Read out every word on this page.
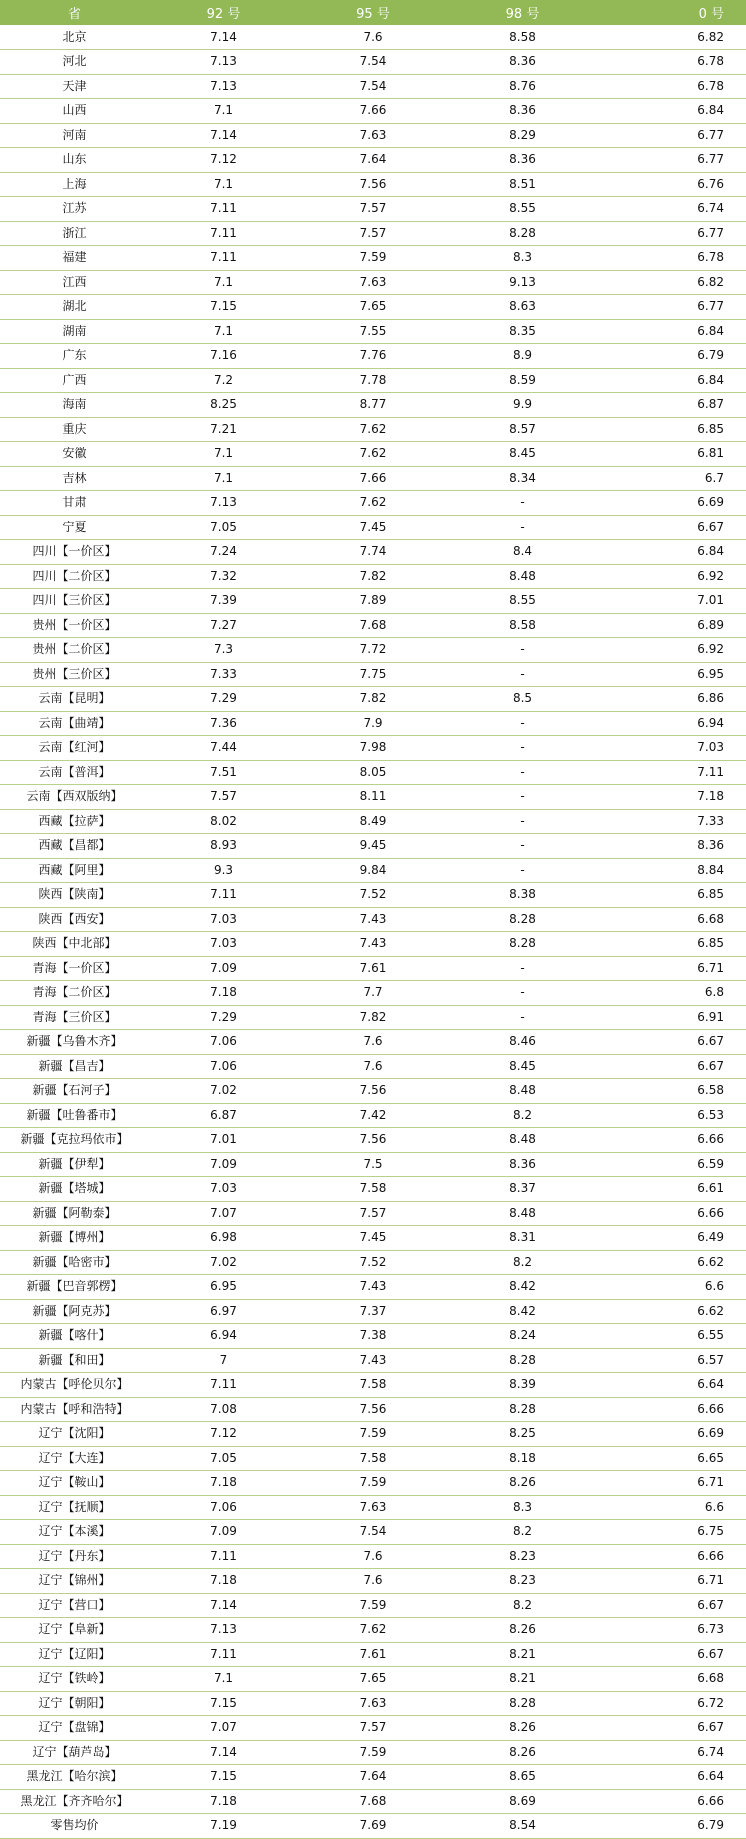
省	92 号	95 号	98 号	0 号
北京	7.14	7.6	8.58	6.82
河北	7.13	7.54	8.36	6.78
天津	7.13	7.54	8.76	6.78
山西	7.1	7.66	8.36	6.84
河南	7.14	7.63	8.29	6.77
山东	7.12	7.64	8.36	6.77
上海	7.1	7.56	8.51	6.76
江苏	7.11	7.57	8.55	6.74
浙江	7.11	7.57	8.28	6.77
福建	7.11	7.59	8.3	6.78
江西	7.1	7.63	9.13	6.82
湖北	7.15	7.65	8.63	6.77
湖南	7.1	7.55	8.35	6.84
广东	7.16	7.76	8.9	6.79
广西	7.2	7.78	8.59	6.84
海南	8.25	8.77	9.9	6.87
重庆	7.21	7.62	8.57	6.85
安徽	7.1	7.62	8.45	6.81
吉林	7.1	7.66	8.34	6.7
甘肃	7.13	7.62	-	6.69
宁夏	7.05	7.45	-	6.67
四川【一价区】	7.24	7.74	8.4	6.84
四川【二价区】	7.32	7.82	8.48	6.92
四川【三价区】	7.39	7.89	8.55	7.01
贵州【一价区】	7.27	7.68	8.58	6.89
贵州【二价区】	7.3	7.72	-	6.92
贵州【三价区】	7.33	7.75	-	6.95
云南【昆明】	7.29	7.82	8.5	6.86
云南【曲靖】	7.36	7.9	-	6.94
云南【红河】	7.44	7.98	-	7.03
云南【普洱】	7.51	8.05	-	7.11
云南【西双版纳】	7.57	8.11	-	7.18
西藏【拉萨】	8.02	8.49	-	7.33
西藏【昌都】	8.93	9.45	-	8.36
西藏【阿里】	9.3	9.84	-	8.84
陕西【陕南】	7.11	7.52	8.38	6.85
陕西【西安】	7.03	7.43	8.28	6.68
陕西【中北部】	7.03	7.43	8.28	6.85
青海【一价区】	7.09	7.61	-	6.71
青海【二价区】	7.18	7.7	-	6.8
青海【三价区】	7.29	7.82	-	6.91
新疆【乌鲁木齐】	7.06	7.6	8.46	6.67
新疆【昌吉】	7.06	7.6	8.45	6.67
新疆【石河子】	7.02	7.56	8.48	6.58
新疆【吐鲁番市】	6.87	7.42	8.2	6.53
新疆【克拉玛依市】	7.01	7.56	8.48	6.66
新疆【伊犁】	7.09	7.5	8.36	6.59
新疆【塔城】	7.03	7.58	8.37	6.61
新疆【阿勒泰】	7.07	7.57	8.48	6.66
新疆【博州】	6.98	7.45	8.31	6.49
新疆【哈密市】	7.02	7.52	8.2	6.62
新疆【巴音郭楞】	6.95	7.43	8.42	6.6
新疆【阿克苏】	6.97	7.37	8.42	6.62
新疆【喀什】	6.94	7.38	8.24	6.55
新疆【和田】	7	7.43	8.28	6.57
内蒙古【呼伦贝尔】	7.11	7.58	8.39	6.64
内蒙古【呼和浩特】	7.08	7.56	8.28	6.66
辽宁【沈阳】	7.12	7.59	8.25	6.69
辽宁【大连】	7.05	7.58	8.18	6.65
辽宁【鞍山】	7.18	7.59	8.26	6.71
辽宁【抚顺】	7.06	7.63	8.3	6.6
辽宁【本溪】	7.09	7.54	8.2	6.75
辽宁【丹东】	7.11	7.6	8.23	6.66
辽宁【锦州】	7.18	7.6	8.23	6.71
辽宁【营口】	7.14	7.59	8.2	6.67
辽宁【阜新】	7.13	7.62	8.26	6.73
辽宁【辽阳】	7.11	7.61	8.21	6.67
辽宁【铁岭】	7.1	7.65	8.21	6.68
辽宁【朝阳】	7.15	7.63	8.28	6.72
辽宁【盘锦】	7.07	7.57	8.26	6.67
辽宁【葫芦岛】	7.14	7.59	8.26	6.74
黑龙江【哈尔滨】	7.15	7.64	8.65	6.64
黑龙江【齐齐哈尔】	7.18	7.68	8.69	6.66
零售均价	7.19	7.69	8.54	6.79
